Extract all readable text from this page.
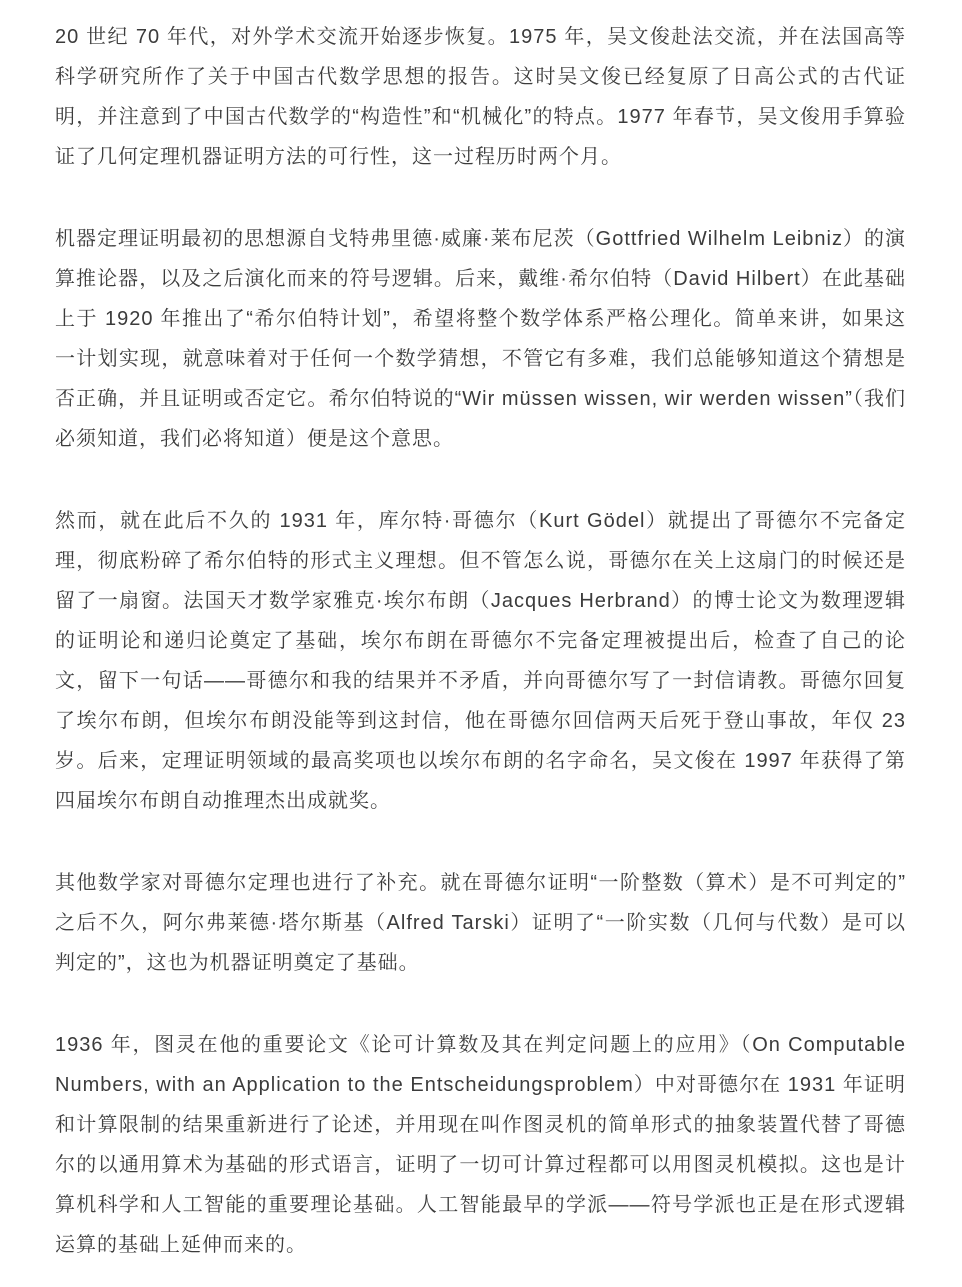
20 世纪 70 年代，对外学术交流开始逐步恢复。1975 年，吴文俊赴法交流，并在法国高等科学研究所作了关于中国古代数学思想的报告。这时吴文俊已经复原了日高公式的古代证明，并注意到了中国古代数学的“构造性”和“机械化”的特点。1977 年春节，吴文俊用手算验证了几何定理机器证明方法的可行性，这一过程历时两个月。

机器定理证明最初的思想源自戈特弗里德·威廉·莱布尼茨（Gottfried Wilhelm Leibniz）的演算推论器，以及之后演化而来的符号逻辑。后来，戴维·希尔伯特（David Hilbert）在此基础上于 1920 年推出了“希尔伯特计划”，希望将整个数学体系严格公理化。简单来讲，如果这一计划实现，就意味着对于任何一个数学猜想，不管它有多难，我们总能够知道这个猜想是否正确，并且证明或否定它。希尔伯特说的“Wir müssen wissen, wir werden wissen”（我们必须知道，我们必将知道）便是这个意思。

然而，就在此后不久的 1931 年，库尔特·哥德尔（Kurt Gödel）就提出了哥德尔不完备定理，彻底粉碎了希尔伯特的形式主义理想。但不管怎么说，哥德尔在关上这扇门的时候还是留了一扇窗。法国天才数学家雅克·埃尔布朗（Jacques Herbrand）的博士论文为数理逻辑的证明论和递归论奠定了基础，埃尔布朗在哥德尔不完备定理被提出后，检查了自己的论文，留下一句话——哥德尔和我的结果并不矛盾，并向哥德尔写了一封信请教。哥德尔回复了埃尔布朗，但埃尔布朗没能等到这封信，他在哥德尔回信两天后死于登山事故，年仅 23 岁。后来，定理证明领域的最高奖项也以埃尔布朗的名字命名，吴文俊在 1997 年获得了第四届埃尔布朗自动推理杰出成就奖。

其他数学家对哥德尔定理也进行了补充。就在哥德尔证明“一阶整数（算术）是不可判定的”之后不久，阿尔弗莱德·塔尔斯基（Alfred Tarski）证明了“一阶实数（几何与代数）是可以判定的”，这也为机器证明奠定了基础。

1936 年，图灵在他的重要论文《论可计算数及其在判定问题上的应用》（On Computable Numbers, with an Application to the Entscheidungsproblem）中对哥德尔在 1931 年证明和计算限制的结果重新进行了论述，并用现在叫作图灵机的简单形式的抽象装置代替了哥德尔的以通用算术为基础的形式语言，证明了一切可计算过程都可以用图灵机模拟。这也是计算机科学和人工智能的重要理论基础。人工智能最早的学派——符号学派也正是在形式逻辑运算的基础上延伸而来的。
